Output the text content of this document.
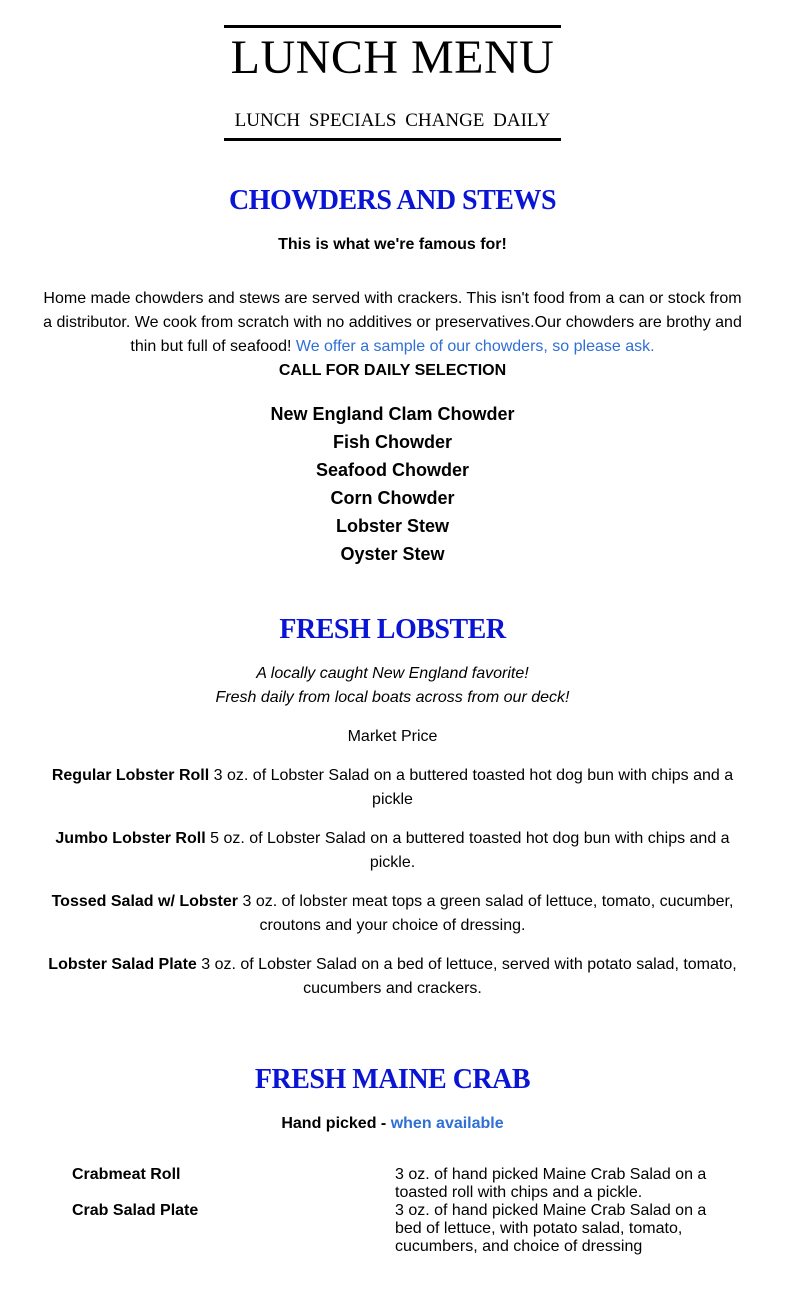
LUNCH MENU
LUNCH SPECIALS CHANGE DAILY
CHOWDERS AND STEWS
This is what we're famous for!
Home made chowders and stews are served with crackers. This isn't food from a can or stock from a distributor. We cook from scratch with no additives or preservatives.Our chowders are brothy and thin but full of seafood! We offer a sample of our chowders, so please ask.
CALL FOR DAILY SELECTION
New England Clam Chowder
Fish Chowder
Seafood Chowder
Corn Chowder
Lobster Stew
Oyster Stew
FRESH LOBSTER
A locally caught New England favorite!
Fresh daily from local boats across from our deck!
Market Price
Regular Lobster Roll 3 oz. of Lobster Salad on a buttered toasted hot dog bun with chips and a pickle
Jumbo Lobster Roll 5 oz. of Lobster Salad on a buttered toasted hot dog bun with chips and a pickle.
Tossed Salad w/ Lobster 3 oz. of lobster meat tops a green salad of lettuce, tomato, cucumber, croutons and your choice of dressing.
Lobster Salad Plate 3 oz. of Lobster Salad on a bed of lettuce, served with potato salad, tomato, cucumbers and crackers.
FRESH MAINE CRAB
Hand picked - when available
Crabmeat Roll	3 oz. of hand picked Maine Crab Salad on a toasted roll with chips and a pickle.
Crab Salad Plate	3 oz. of hand picked Maine Crab Salad on a bed of lettuce, with potato salad, tomato, cucumbers, and choice of dressing
